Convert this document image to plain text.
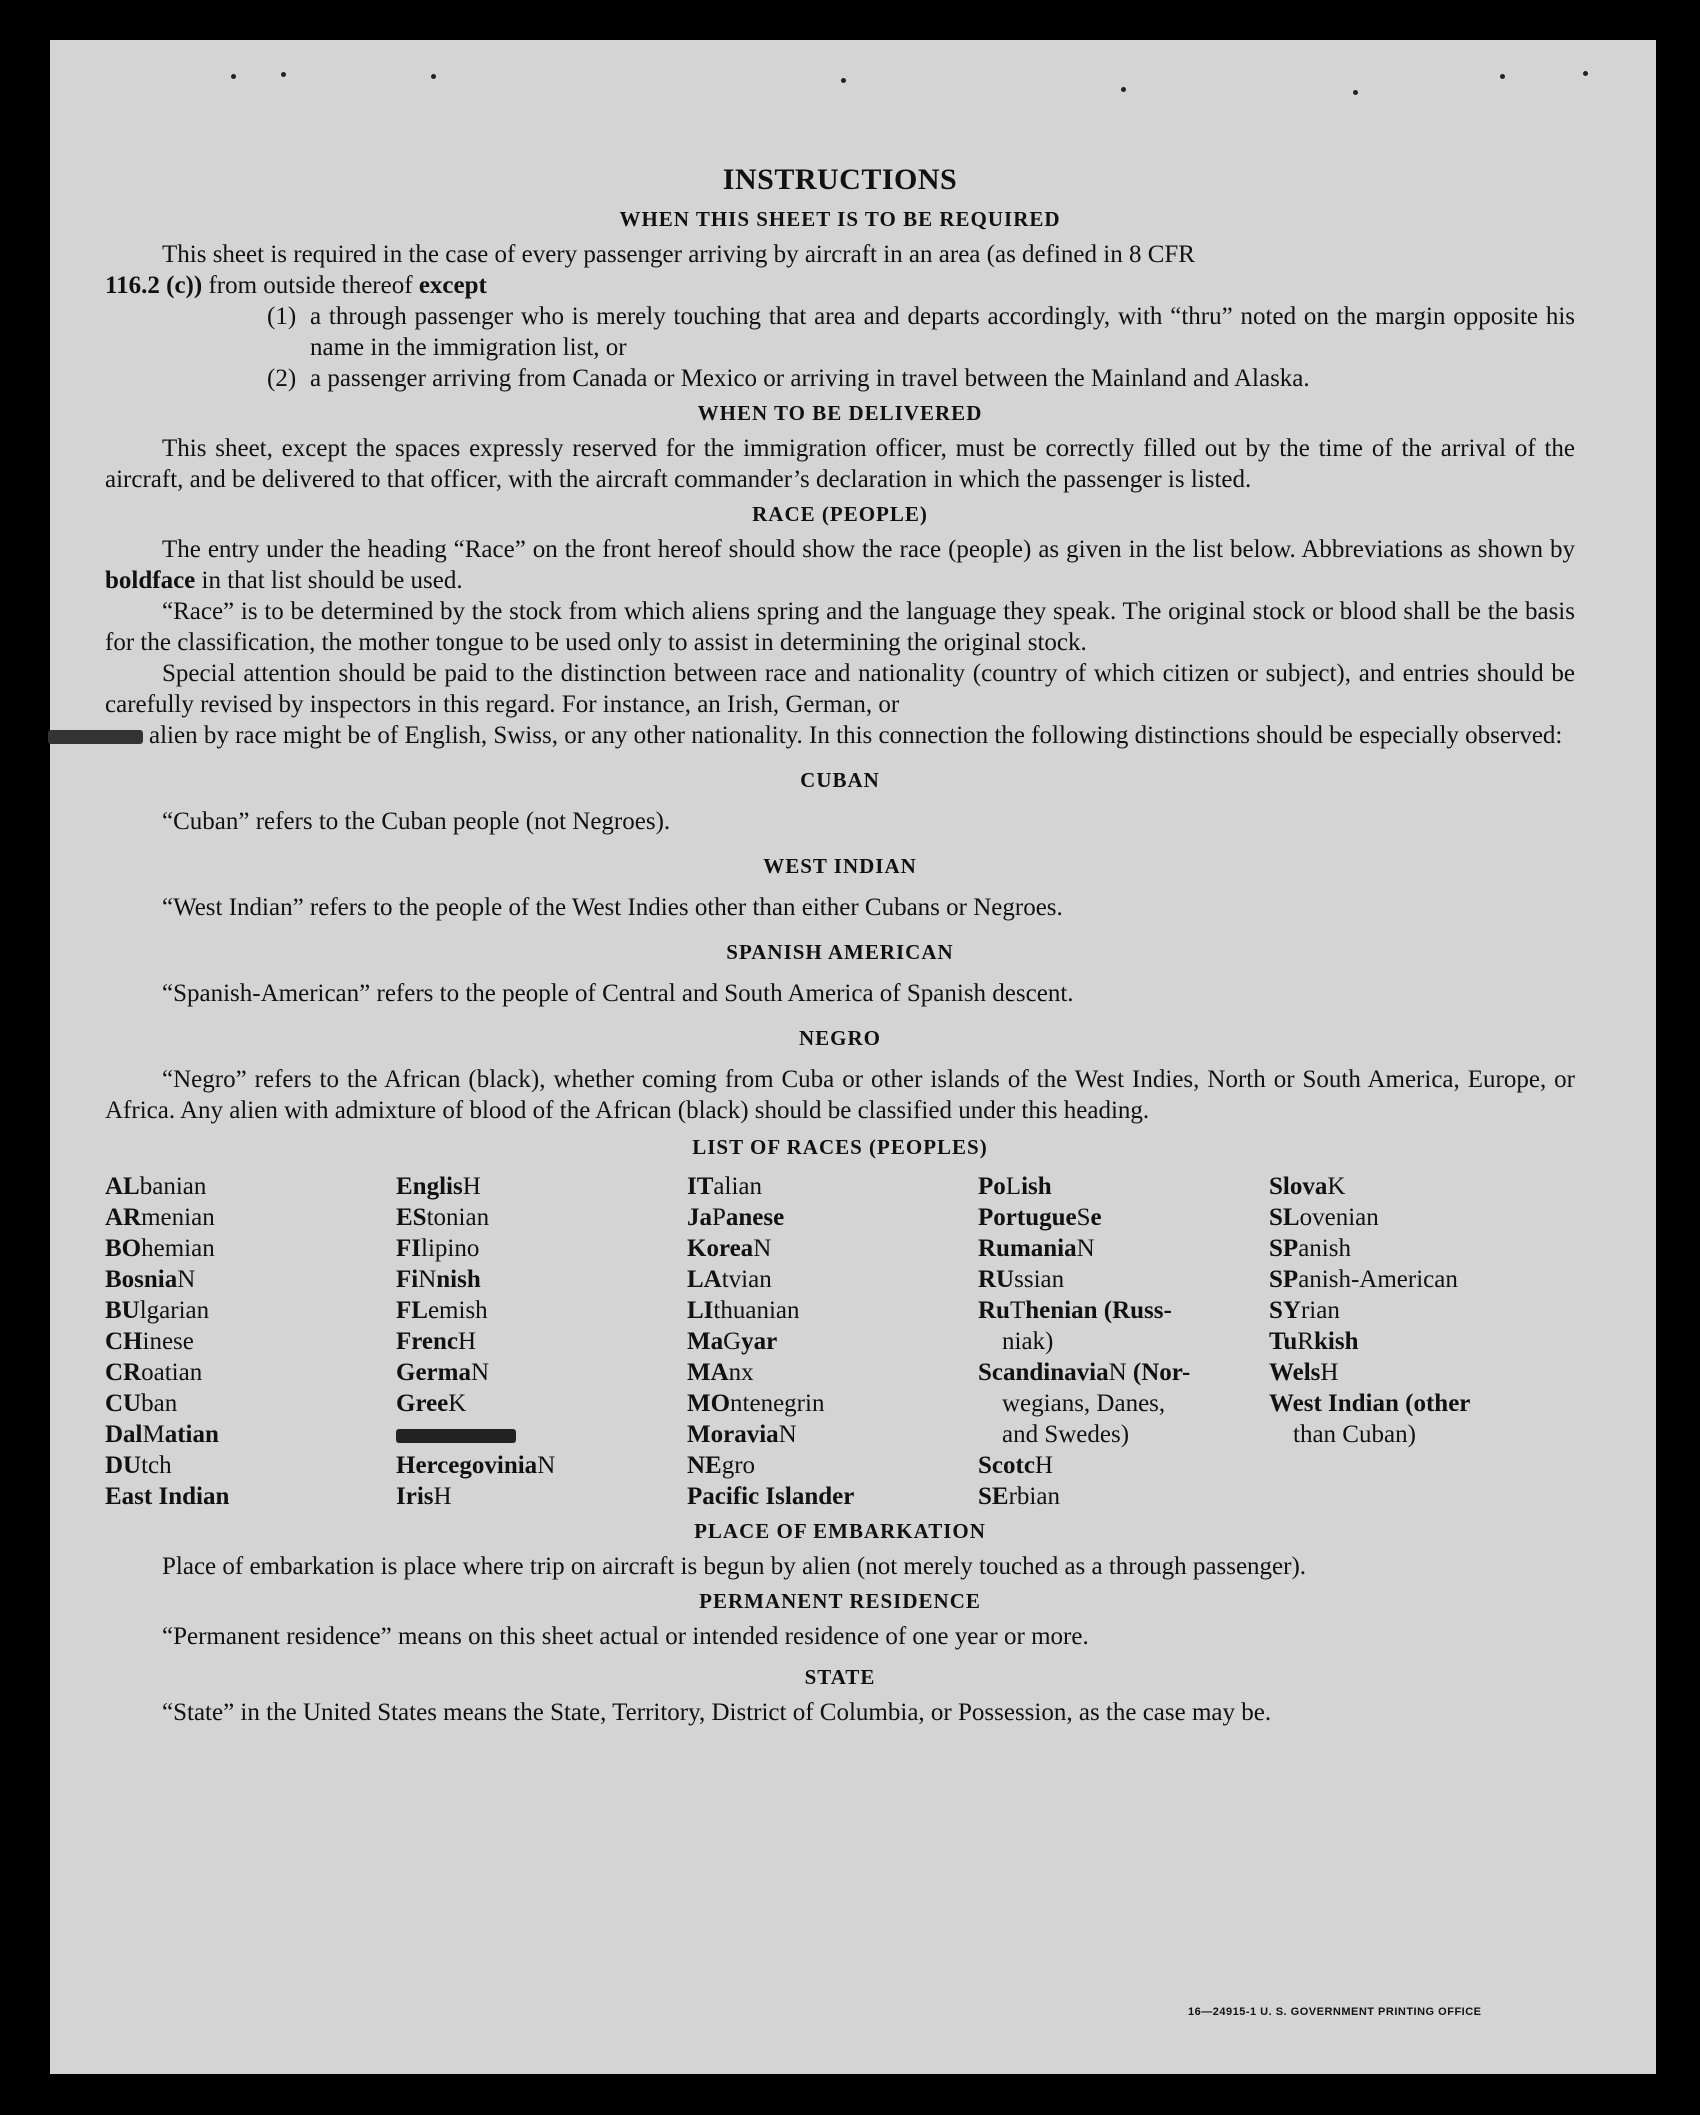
INSTRUCTIONS
WHEN THIS SHEET IS TO BE REQUIRED

This sheet is required in the case of every passenger arriving by aircraft in an area (as defined in 8 CFR
116.2 (c)) from outside thereof except

(1) a through passenger who is merely touching that area and departs accordingly, with “thru” noted on the margin opposite his name in the immigration list, or
(2) a passenger arriving from Canada or Mexico or arriving in travel between the Mainland and Alaska.
WHEN TO BE DELIVERED

This sheet, except the spaces expressly reserved for the immigration officer, must be correctly filled out by the time of the arrival of the aircraft, and be delivered to that officer, with the aircraft commander’s declaration in which the passenger is listed.

RACE (PEOPLE)

The entry under the heading “Race” on the front hereof should show the race (people) as given in the list below. Abbreviations as shown by boldface in that list should be used.

“Race” is to be determined by the stock from which aliens spring and the language they speak. The original stock or blood shall be the basis for the classification, the mother tongue to be used only to assist in determining the original stock.

Special attention should be paid to the distinction between race and nationality (country of which citizen or subject), and entries should be carefully revised by inspectors in this regard. For instance, an Irish, German, or
alien by race might be of English, Swiss, or any other nationality. In this connection the following distinctions should be especially observed:

CUBAN

“Cuban” refers to the Cuban people (not Negroes).

WEST INDIAN

“West Indian” refers to the people of the West Indies other than either Cubans or Negroes.

SPANISH AMERICAN

“Spanish-American” refers to the people of Central and South America of Spanish descent.

NEGRO

“Negro” refers to the African (black), whether coming from Cuba or other islands of the West Indies, North or South America, Europe, or Africa. Any alien with admixture of blood of the African (black) should be classified under this heading.

LIST OF RACES (PEOPLES)
ALbanian
ARmenian
BOhemian
BosniaN
BUlgarian
CHinese
CRoatian
CUban
DalMatian
DUtch
East Indian
EnglisH
EStonian
FIlipino
FiNnish
FLemish
FrencH
GermaN
GreeK
HercegoviniaN
IrisH
ITalian
JaPanese
KoreaN
LAtvian
LIthuanian
MaGyar
MAnx
MOntenegrin
MoraviaN
NEgro
Pacific Islander
PoLish
PortugueSe
RumaniaN
RUssian
RuThenian (Russ-
niak)
ScandinaviaN (Nor-
wegians, Danes,
and Swedes)
ScotcH
SErbian
SlovaK
SLovenian
SPanish
SPanish-American
SYrian
TuRkish
WelsH
West Indian (other
than Cuban)
PLACE OF EMBARKATION

Place of embarkation is place where trip on aircraft is begun by alien (not merely touched as a through passenger).

PERMANENT RESIDENCE

“Permanent residence” means on this sheet actual or intended residence of one year or more.

STATE

“State” in the United States means the State, Territory, District of Columbia, or Possession, as the case may be.

16—24915-1 U. S. GOVERNMENT PRINTING OFFICE
